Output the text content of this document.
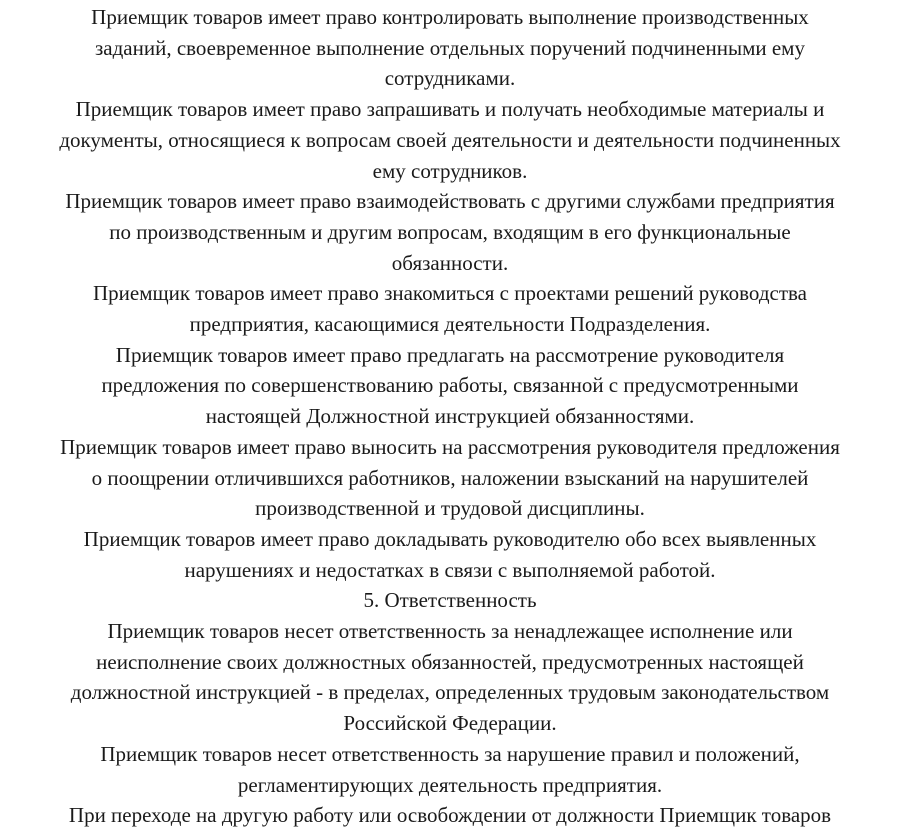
Приемщик товаров имеет право контролировать выполнение производственных
заданий, своевременное выполнение отдельных поручений подчиненными ему
сотрудниками.
Приемщик товаров имеет право запрашивать и получать необходимые материалы и
документы, относящиеся к вопросам своей деятельности и деятельности подчиненных
ему сотрудников.
Приемщик товаров имеет право взаимодействовать с другими службами предприятия
по производственным и другим вопросам, входящим в его функциональные
обязанности.
Приемщик товаров имеет право знакомиться с проектами решений руководства
предприятия, касающимися деятельности Подразделения.
Приемщик товаров имеет право предлагать на рассмотрение руководителя
предложения по совершенствованию работы, связанной с предусмотренными
настоящей Должностной инструкцией обязанностями.
Приемщик товаров имеет право выносить на рассмотрения руководителя предложения
о поощрении отличившихся работников, наложении взысканий на нарушителей
производственной и трудовой дисциплины.
Приемщик товаров имеет право докладывать руководителю обо всех выявленных
нарушениях и недостатках в связи с выполняемой работой.
5. Ответственность
Приемщик товаров несет ответственность за ненадлежащее исполнение или
неисполнение своих должностных обязанностей, предусмотренных настоящей
должностной инструкцией - в пределах, определенных трудовым законодательством
Российской Федерации.
Приемщик товаров несет ответственность за нарушение правил и положений,
регламентирующих деятельность предприятия.
При переходе на другую работу или освобождении от должности Приемщик товаров
